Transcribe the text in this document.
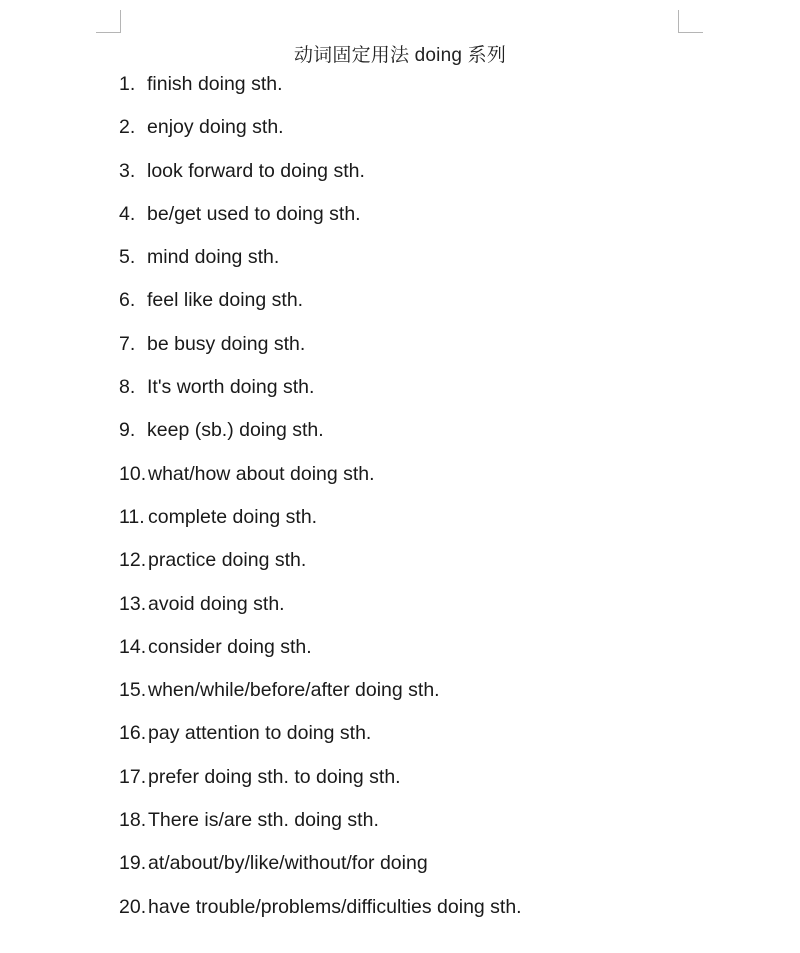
动词固定用法 doing 系列
1. finish doing sth.
2. enjoy doing sth.
3. look forward to doing sth.
4. be/get used to doing sth.
5. mind doing sth.
6. feel like doing sth.
7. be busy doing sth.
8. It's worth doing sth.
9. keep (sb.) doing sth.
10. what/how about doing sth.
11. complete doing sth.
12. practice doing sth.
13. avoid doing sth.
14. consider doing sth.
15. when/while/before/after doing sth.
16. pay attention to doing sth.
17. prefer doing sth. to doing sth.
18. There is/are sth. doing sth.
19. at/about/by/like/without/for doing
20. have trouble/problems/difficulties doing sth.
